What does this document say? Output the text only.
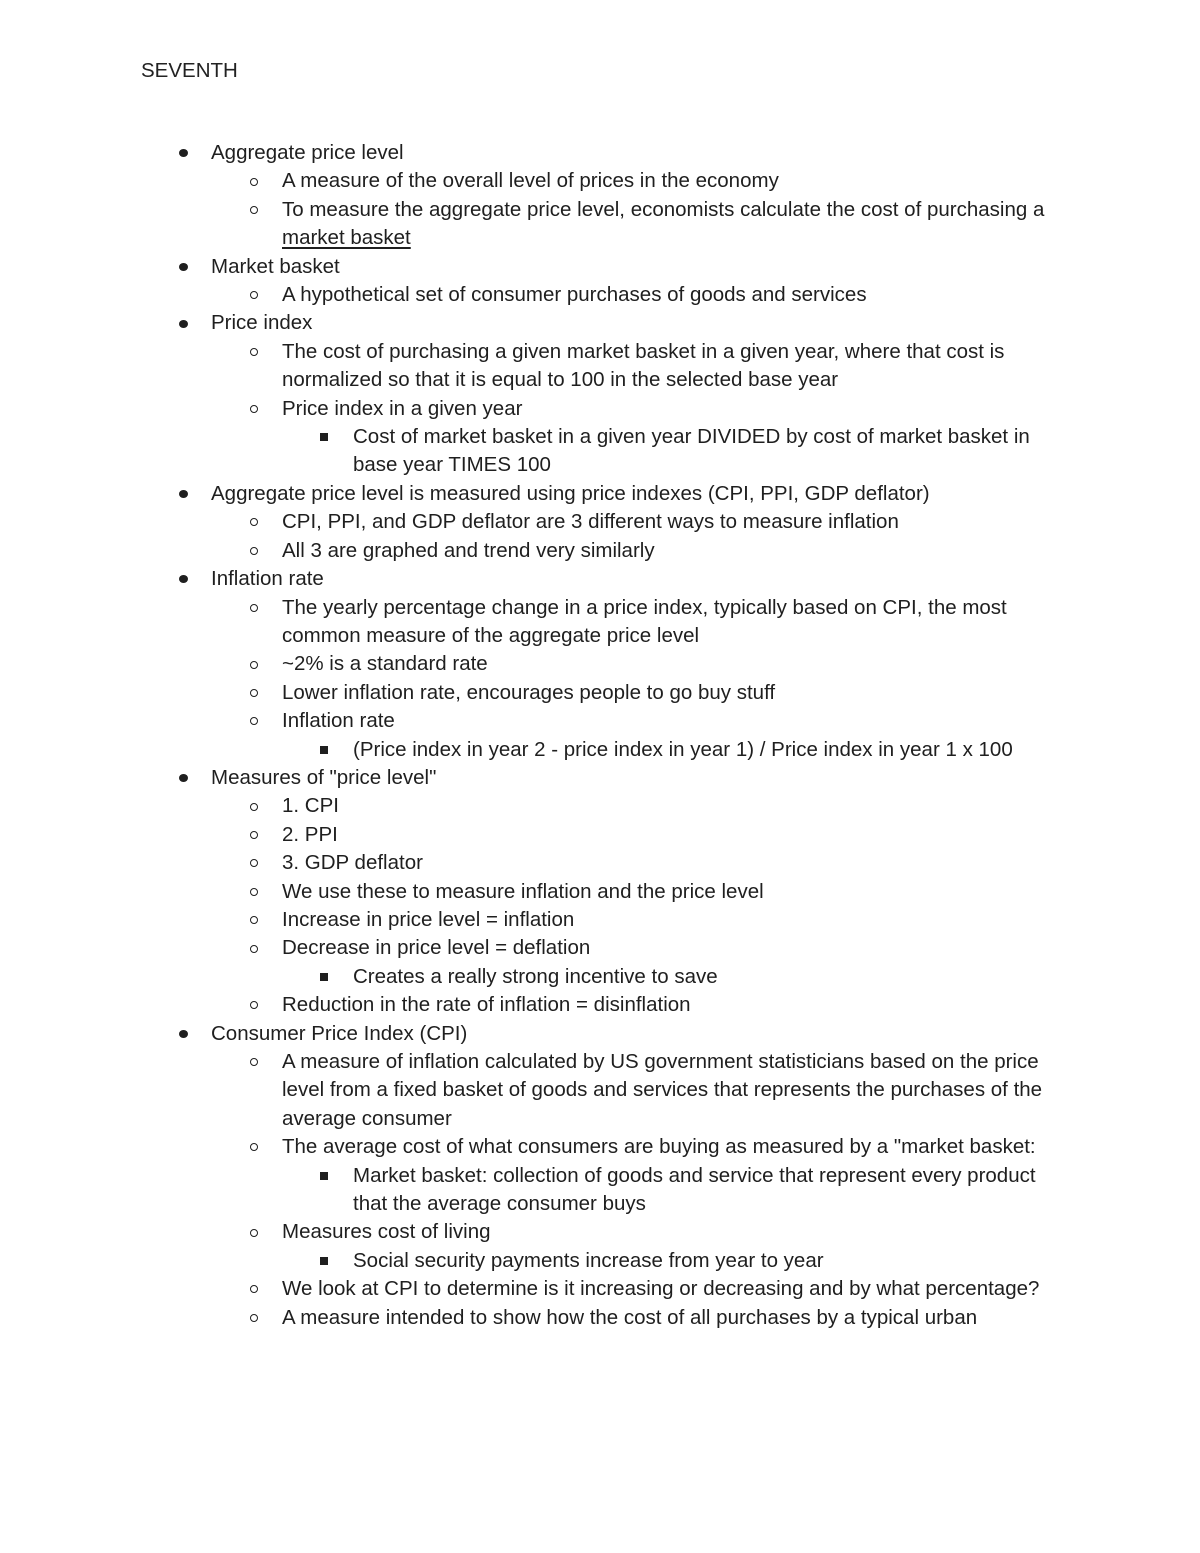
SEVENTH
Aggregate price level
A measure of the overall level of prices in the economy
To measure the aggregate price level, economists calculate the cost of purchasing a market basket
Market basket
A hypothetical set of consumer purchases of goods and services
Price index
The cost of purchasing a given market basket in a given year, where that cost is normalized so that it is equal to 100 in the selected base year
Price index in a given year
Cost of market basket in a given year DIVIDED by cost of market basket in base year TIMES 100
Aggregate price level is measured using price indexes (CPI, PPI, GDP deflator)
CPI, PPI, and GDP deflator are 3 different ways to measure inflation
All 3 are graphed and trend very similarly
Inflation rate
The yearly percentage change in a price index, typically based on CPI, the most common measure of the aggregate price level
~2% is a standard rate
Lower inflation rate, encourages people to go buy stuff
Inflation rate
(Price index in year 2 - price index in year 1) / Price index in year 1 x 100
Measures of "price level"
1. CPI
2. PPI
3. GDP deflator
We use these to measure inflation and the price level
Increase in price level = inflation
Decrease in price level = deflation
Creates a really strong incentive to save
Reduction in the rate of inflation = disinflation
Consumer Price Index (CPI)
A measure of inflation calculated by US government statisticians based on the price level from a fixed basket of goods and services that represents the purchases of the average consumer
The average cost of what consumers are buying as measured by a "market basket:
Market basket: collection of goods and service that represent every product that the average consumer buys
Measures cost of living
Social security payments increase from year to year
We look at CPI to determine is it increasing or decreasing and by what percentage?
A measure intended to show how the cost of all purchases by a typical urban
